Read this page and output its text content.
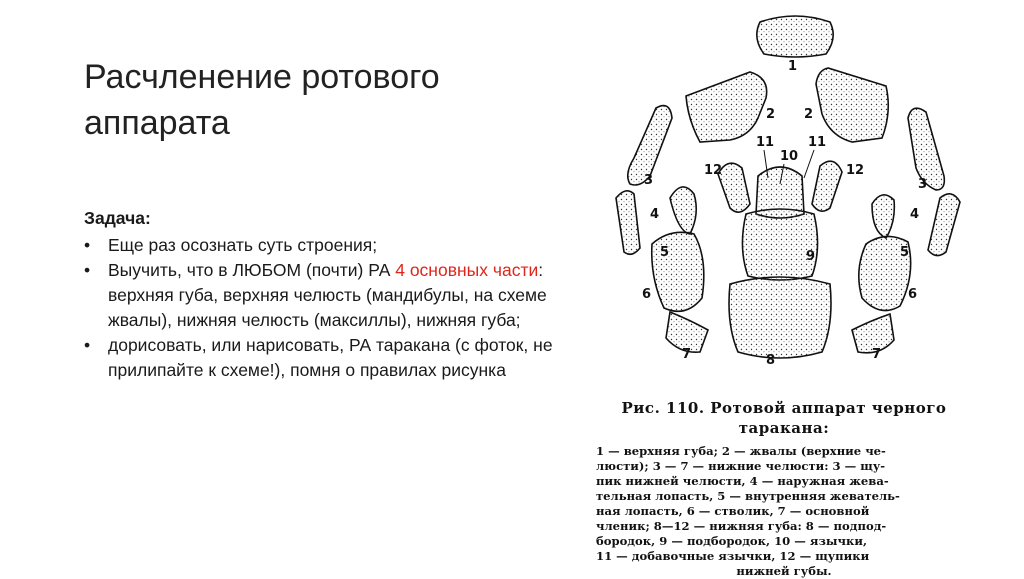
Расчленение ротового
аппарата
Задача:
• Еще раз осознать суть строения;
• Выучить, что в ЛЮБОМ (почти) РА 4 основных части: верхняя губа, верхняя челюсть (мандибулы, на схеме жвалы), нижняя челюсть (максиллы), нижняя губа;
• дорисовать, или нарисовать, РА таракана (с фоток, не прилипайте к схеме!), помня о правилах рисунка
1
2 2
3	3
4	4
5	5
6	6
7	7
8
9
10
11	11
12	12
Рис. 110. Ротовой аппарат черного
таракана:
1 — верхняя губа; 2 — жвалы (верхние че-
люсти); 3 — 7 — нижние челюсти: 3 — щу-
пик нижней челюсти, 4 — наружная жева-
тельная лопасть, 5 — внутренняя жеватель-
ная лопасть, 6 — стволик, 7 — основной
членик; 8—12 — нижняя губа: 8 — подпод-
бородок, 9 — подбородок, 10 — язычки,
11 — добавочные язычки, 12 — щупики
нижней губы.
